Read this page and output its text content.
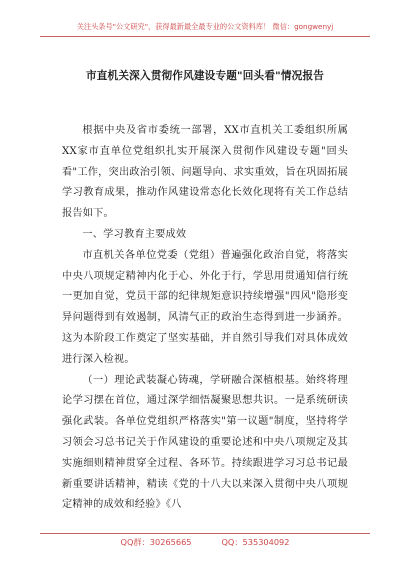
关注头条号"公文研究"，获得最新最全最专业的公文资料库！ 微信：gongwenyj
市直机关深入贯彻作风建设专题"回头看"情况报告

根据中央及省市委统一部署，XX市直机关工委组织所属XX家市直单位党组织扎实开展深入贯彻作风建设专题"回头看"工作，突出政治引领、问题导向、求实重效，旨在巩固拓展学习教育成果，推动作风建设常态化长效化现将有关工作总结报告如下。

一、学习教育主要成效

市直机关各单位党委（党组）普遍强化政治自觉，将落实中央八项规定精神内化于心、外化于行，学思用贯通知信行统一更加自觉，党员干部的纪律规矩意识持续增强"四风"隐形变异问题得到有效遏制，风清气正的政治生态得到进一步涵养。这为本阶段工作奠定了坚实基础，并自然引导我们对具体成效进行深入检视。

（一）理论武装凝心铸魂，学研融合深植根基。始终将理论学习摆在首位，通过深学细悟凝聚思想共识。一是系统研读强化武装。各单位党组织严格落实"第一议题"制度，坚持将学习领会习总书记关于作风建设的重要论述和中央八项规定及其实施细则精神贯穿全过程、各环节。持续跟进学习习总书记最新重要讲话精神，精读《党的十八大以来深入贯彻中央八项规定精神的成效和经验》《八

QQ群：30265665	QQ：535304092
